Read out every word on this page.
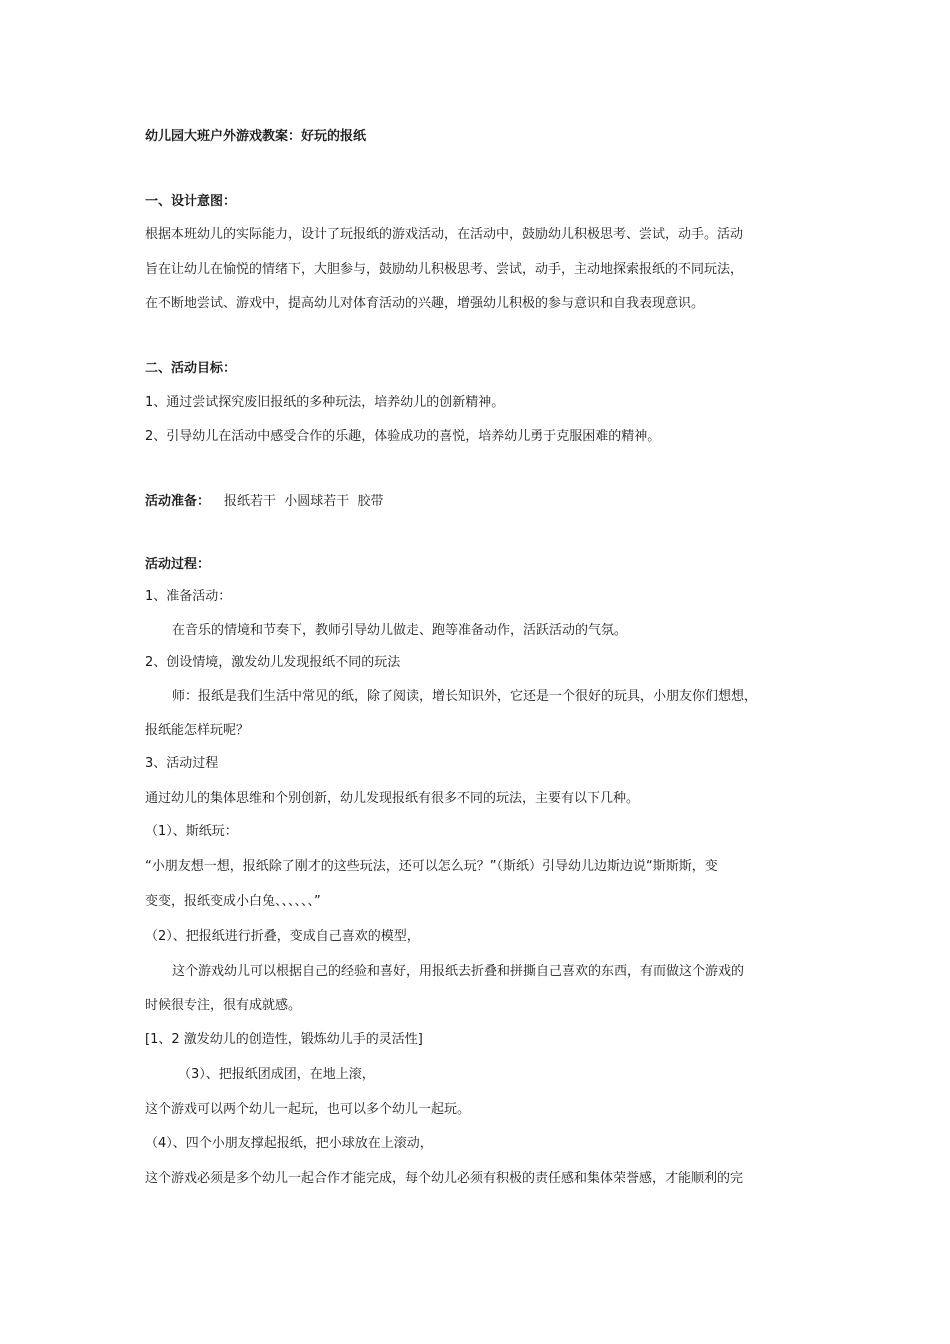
幼儿园大班户外游戏教案：好玩的报纸
一、设计意图：
根据本班幼儿的实际能力，设计了玩报纸的游戏活动，在活动中，鼓励幼儿积极思考、尝试，动手。活动
旨在让幼儿在愉悦的情绪下，大胆参与，鼓励幼儿积极思考、尝试，动手，主动地探索报纸的不同玩法，
在不断地尝试、游戏中，提高幼儿对体育活动的兴趣，增强幼儿积极的参与意识和自我表现意识。
二、活动目标：
1、通过尝试探究废旧报纸的多种玩法，培养幼儿的创新精神。
2、引导幼儿在活动中感受合作的乐趣，体验成功的喜悦，培养幼儿勇于克服困难的精神。
活动准备： 报纸若干  小圆球若干  胶带
活动过程：
1、准备活动：
在音乐的情境和节奏下，教师引导幼儿做走、跑等准备动作，活跃活动的气氛。
2、创设情境，激发幼儿发现报纸不同的玩法
师：报纸是我们生活中常见的纸，除了阅读，增长知识外，它还是一个很好的玩具，小朋友你们想想，
报纸能怎样玩呢？
3、活动过程
通过幼儿的集体思维和个别创新，幼儿发现报纸有很多不同的玩法，主要有以下几种。
（1）、斯纸玩：
“小朋友想一想，报纸除了刚才的这些玩法，还可以怎么玩？”（斯纸）引导幼儿边斯边说“斯斯斯，变
变变，报纸变成小白兔、、、、、、”
（2）、把报纸进行折叠，变成自己喜欢的模型，
这个游戏幼儿可以根据自己的经验和喜好，用报纸去折叠和拼撕自己喜欢的东西，有而做这个游戏的
时候很专注，很有成就感。
[1、2 激发幼儿的创造性，锻炼幼儿手的灵活性]
（3）、把报纸团成团，在地上滚，
这个游戏可以两个幼儿一起玩，也可以多个幼儿一起玩。
（4）、四个小朋友撑起报纸，把小球放在上滚动，
这个游戏必须是多个幼儿一起合作才能完成，每个幼儿必须有积极的责任感和集体荣誉感，才能顺利的完
